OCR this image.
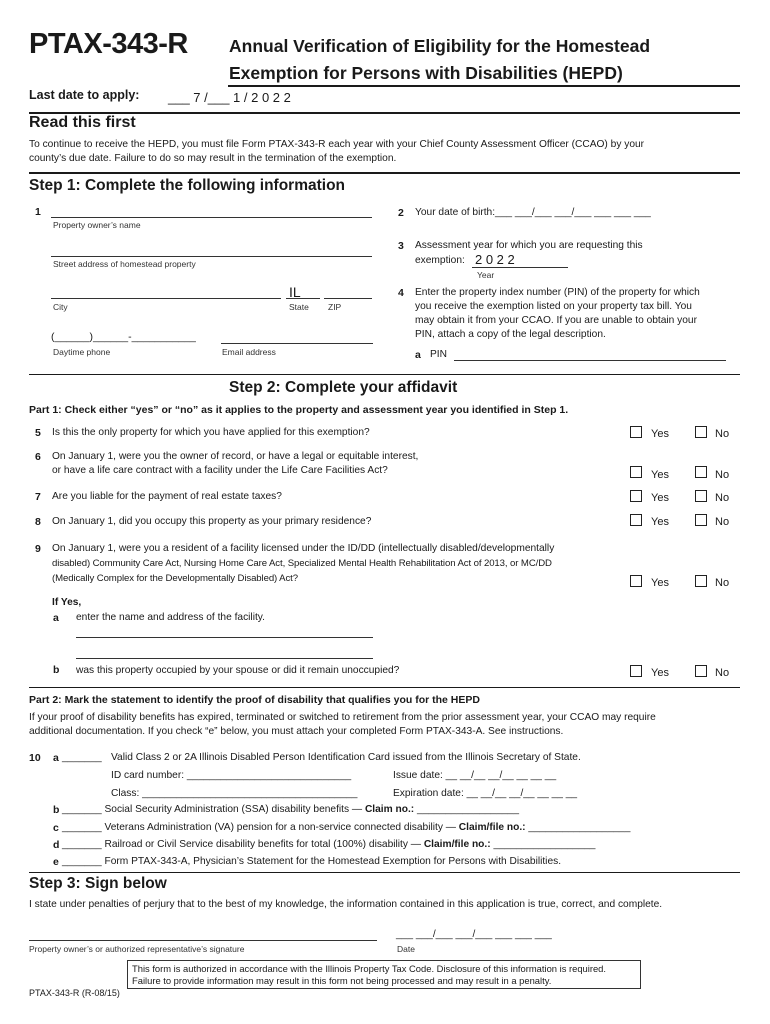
PTAX-343-R Annual Verification of Eligibility for the Homestead
Exemption for Persons with Disabilities (HEPD)
Last date to apply: ___ 7 /___ 1 / 2 0 2 2
Read this first
To continue to receive the HEPD, you must file Form PTAX-343-R each year with your Chief County Assessment Officer (CCAO) by your
county’s due date. Failure to do so may result in the termination of the exemption.
Step 1: Complete the following information
1
Property owner’s name
Street address of homestead property
IL
City	State ZIP
(______)______-___________
Daytime phone	Email address
2 Your date of birth:___ ___/___ ___/___ ___ ___ ___
3 Assessment year for which you are requesting this
exemption: 2 0 2 2
Year
4 Enter the property index number (PIN) of the property for which
you receive the exemption listed on your property tax bill. You
may obtain it from your CCAO. If you are unable to obtain your
PIN, attach a copy of the legal description.
a PIN
Step 2: Complete your affidavit
Part 1: Check either “yes” or “no” as it applies to the property and assessment year you identified in Step 1.
5 Is this the only property for which you have applied for this exemption?	Yes	No
6 On January 1, were you the owner of record, or have a legal or equitable interest,
or have a life care contract with a facility under the Life Care Facilities Act?	Yes	No
7 Are you liable for the payment of real estate taxes?	Yes	No
8 On January 1, did you occupy this property as your primary residence?	Yes	No
9 On January 1, were you a resident of a facility licensed under the ID/DD (intellectually disabled/developmentally
disabled) Community Care Act, Nursing Home Care Act, Specialized Mental Health Rehabilitation Act of 2013, or MC/DD
(Medically Complex for the Developmentally Disabled) Act?	Yes	No
If Yes,
a enter the name and address of the facility.
b was this property occupied by your spouse or did it remain unoccupied?	Yes	No
Part 2: Mark the statement to identify the proof of disability that qualifies you for the HEPD
If your proof of disability benefits has expired, terminated or switched to retirement from the prior assessment year, your CCAO may require
additional documentation. If you check “e” below, you must attach your completed Form PTAX-343-A. See instructions.
10 a _______ Valid Class 2 or 2A Illinois Disabled Person Identification Card issued from the Illinois Secretary of State.
ID card number: _____________________________	Issue date: __ __/__ __/__ __ __ __
Class: ______________________________________	Expiration date: __ __/__ __/__ __ __ __
b _______ Social Security Administration (SSA) disability benefits — Claim no.: __________________
c _______ Veterans Administration (VA) pension for a non-service connected disability — Claim/file no.: __________________
d _______ Railroad or Civil Service disability benefits for total (100%) disability — Claim/file no.: __________________
e _______ Form PTAX-343-A, Physician’s Statement for the Homestead Exemption for Persons with Disabilities.
Step 3: Sign below
I state under penalties of perjury that to the best of my knowledge, the information contained in this application is true, correct, and complete.
___ ___/___ ___/___ ___ ___ ___
Property owner’s or authorized representative’s signature	Date
This form is authorized in accordance with the Illinois Property Tax Code. Disclosure of this information is required.
Failure to provide information may result in this form not being processed and may result in a penalty.
PTAX-343-R (R-08/15)
